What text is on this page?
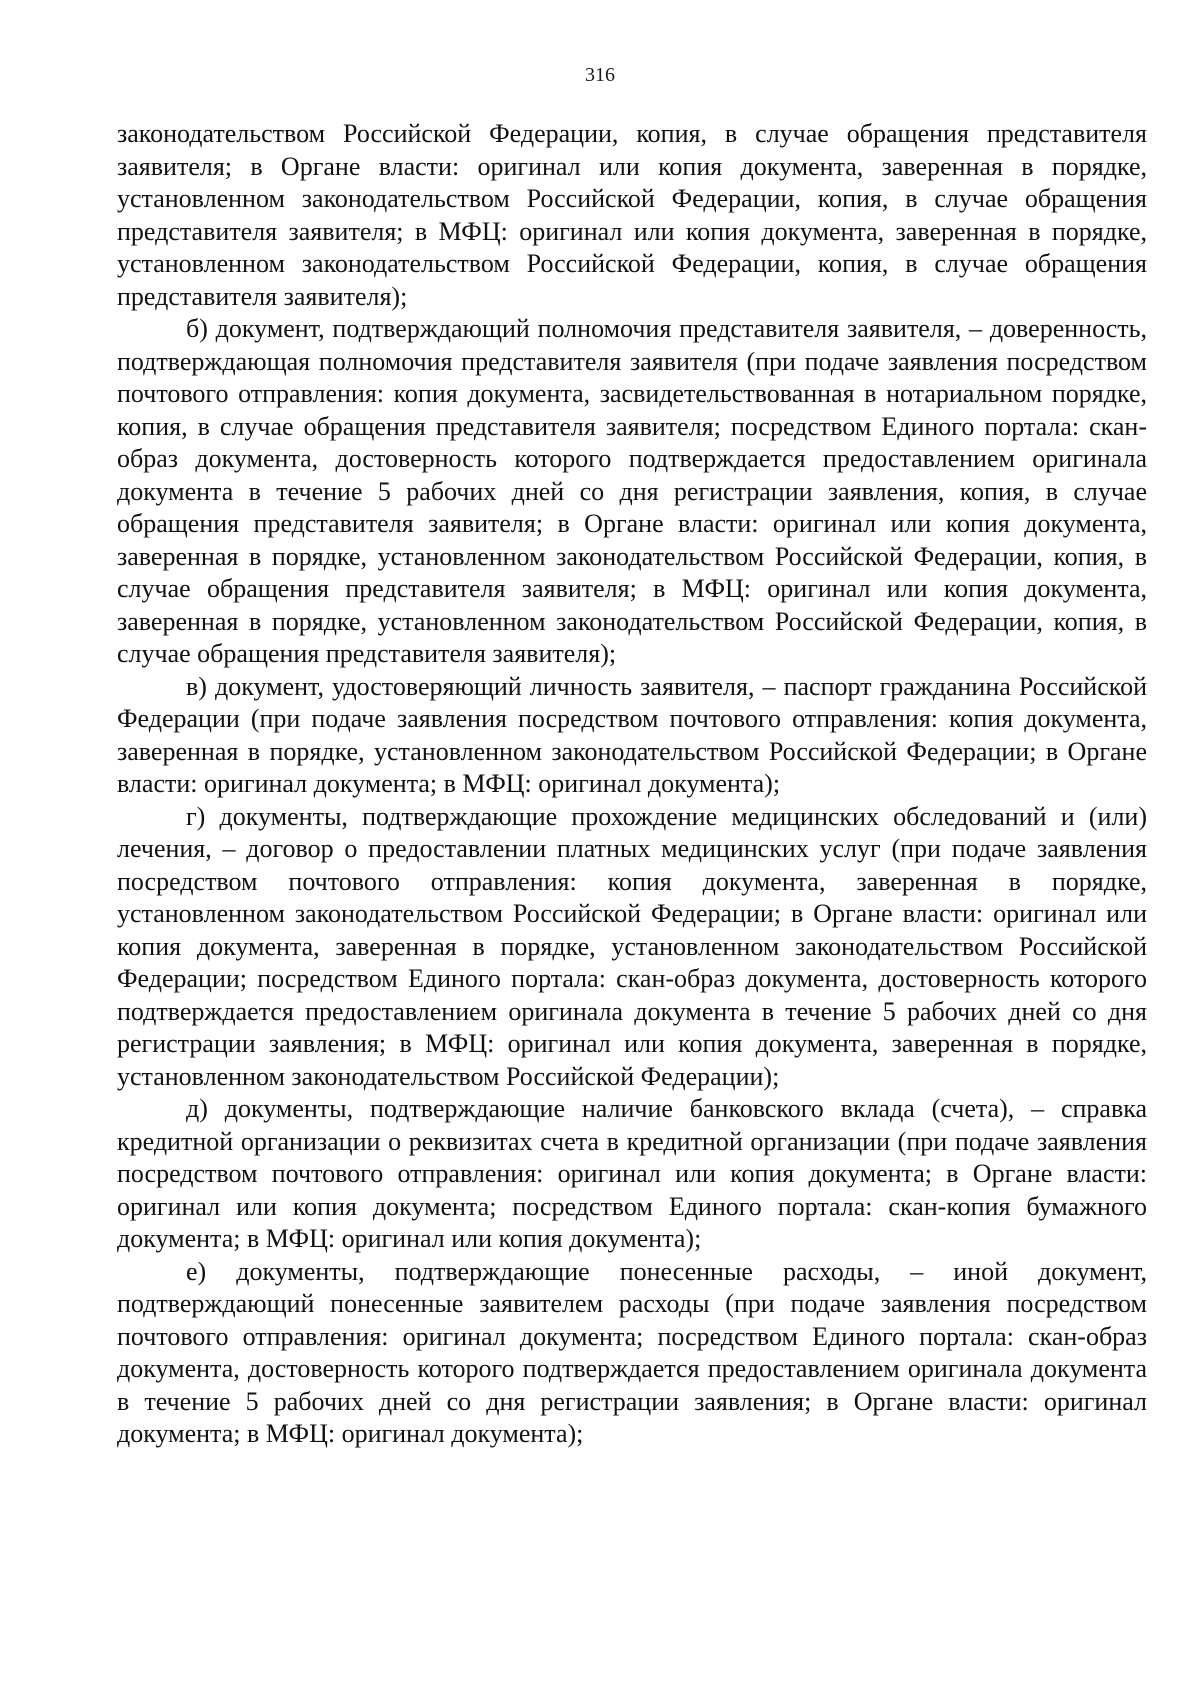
316

законодательством Российской Федерации, копия, в случае обращения представителя заявителя; в Органе власти: оригинал или копия документа, заверенная в порядке, установленном законодательством Российской Федерации, копия, в случае обращения представителя заявителя; в МФЦ: оригинал или копия документа, заверенная в порядке, установленном законодательством Российской Федерации, копия, в случае обращения представителя заявителя);

б) документ, подтверждающий полномочия представителя заявителя, – доверенность, подтверждающая полномочия представителя заявителя (при подаче заявления посредством почтового отправления: копия документа, засвидетельствованная в нотариальном порядке, копия, в случае обращения представителя заявителя; посредством Единого портала: скан-образ документа, достоверность которого подтверждается предоставлением оригинала документа в течение 5 рабочих дней со дня регистрации заявления, копия, в случае обращения представителя заявителя; в Органе власти: оригинал или копия документа, заверенная в порядке, установленном законодательством Российской Федерации, копия, в случае обращения представителя заявителя; в МФЦ: оригинал или копия документа, заверенная в порядке, установленном законодательством Российской Федерации, копия, в случае обращения представителя заявителя);

в) документ, удостоверяющий личность заявителя, – паспорт гражданина Российской Федерации (при подаче заявления посредством почтового отправления: копия документа, заверенная в порядке, установленном законодательством Российской Федерации; в Органе власти: оригинал документа; в МФЦ: оригинал документа);

г) документы, подтверждающие прохождение медицинских обследований и (или) лечения, – договор о предоставлении платных медицинских услуг (при подаче заявления посредством почтового отправления: копия документа, заверенная в порядке, установленном законодательством Российской Федерации; в Органе власти: оригинал или копия документа, заверенная в порядке, установленном законодательством Российской Федерации; посредством Единого портала: скан-образ документа, достоверность которого подтверждается предоставлением оригинала документа в течение 5 рабочих дней со дня регистрации заявления; в МФЦ: оригинал или копия документа, заверенная в порядке, установленном законодательством Российской Федерации);

д) документы, подтверждающие наличие банковского вклада (счета), – справка кредитной организации о реквизитах счета в кредитной организации (при подаче заявления посредством почтового отправления: оригинал или копия документа; в Органе власти: оригинал или копия документа; посредством Единого портала: скан-копия бумажного документа; в МФЦ: оригинал или копия документа);

е) документы, подтверждающие понесенные расходы, – иной документ, подтверждающий понесенные заявителем расходы (при подаче заявления посредством почтового отправления: оригинал документа; посредством Единого портала: скан-образ документа, достоверность которого подтверждается предоставлением оригинала документа в течение 5 рабочих дней со дня регистрации заявления; в Органе власти: оригинал документа; в МФЦ: оригинал документа);
